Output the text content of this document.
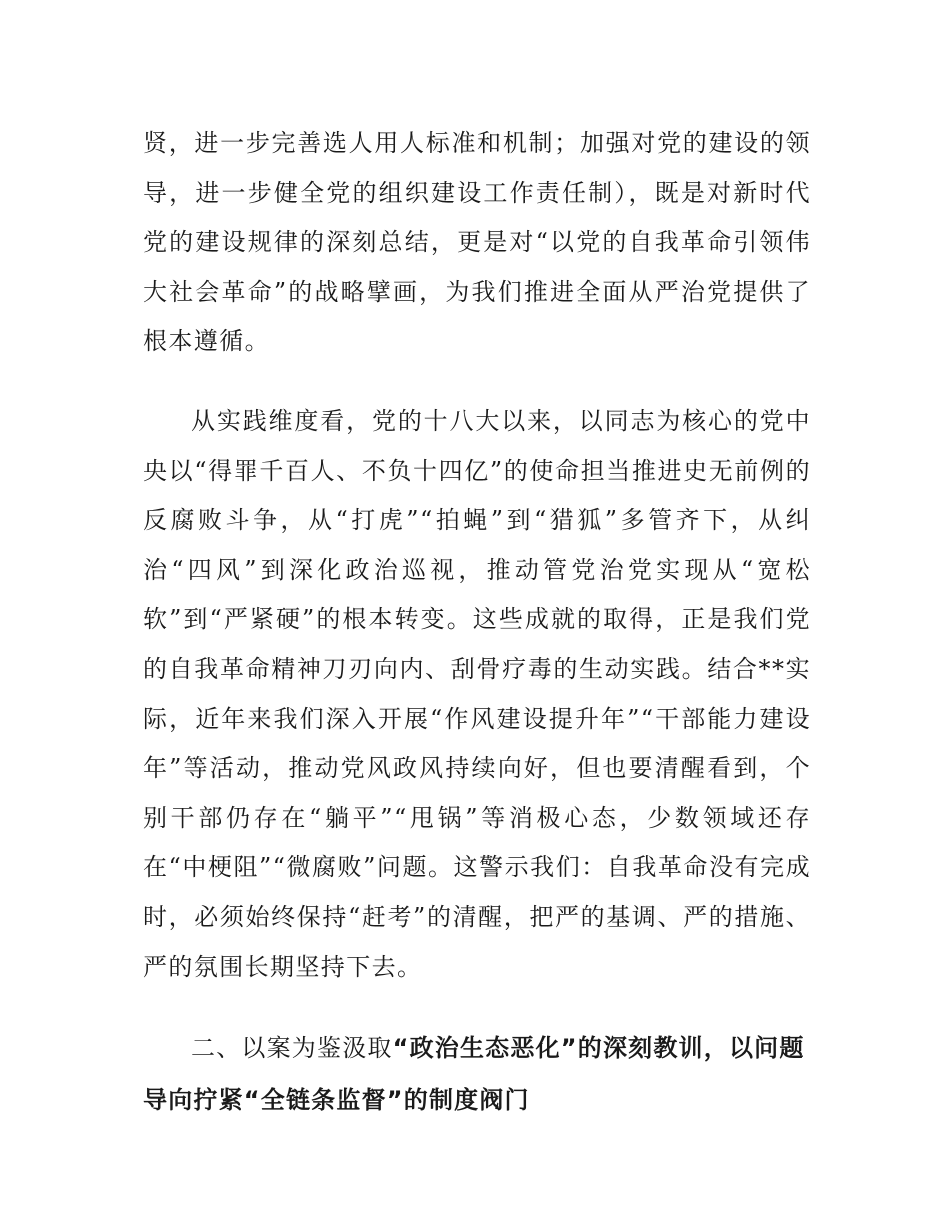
贤，进一步完善选人用人标准和机制；加强对党的建设的领导，进一步健全党的组织建设工作责任制），既是对新时代党的建设规律的深刻总结，更是对“以党的自我革命引领伟大社会革命”的战略擘画，为我们推进全面从严治党提供了根本遵循。

从实践维度看，党的十八大以来，以同志为核心的党中央以“得罪千百人、不负十四亿”的使命担当推进史无前例的反腐败斗争，从“打虎”“拍蝇”到“猎狐”多管齐下，从纠治“四风”到深化政治巡视，推动管党治党实现从“宽松软”到“严紧硬”的根本转变。这些成就的取得，正是我们党的自我革命精神刀刃向内、刮骨疗毒的生动实践。结合**实际，近年来我们深入开展“作风建设提升年”“干部能力建设年”等活动，推动党风政风持续向好，但也要清醒看到，个别干部仍存在“躺平”“甩锅”等消极心态，少数领域还存在“中梗阻”“微腐败”问题。这警示我们：自我革命没有完成时，必须始终保持“赶考”的清醒，把严的基调、严的措施、严的氛围长期坚持下去。

二、以案为鉴汲取“政治生态恶化”的深刻教训，以问题
导向拧紧“全链条监督”的制度阀门
